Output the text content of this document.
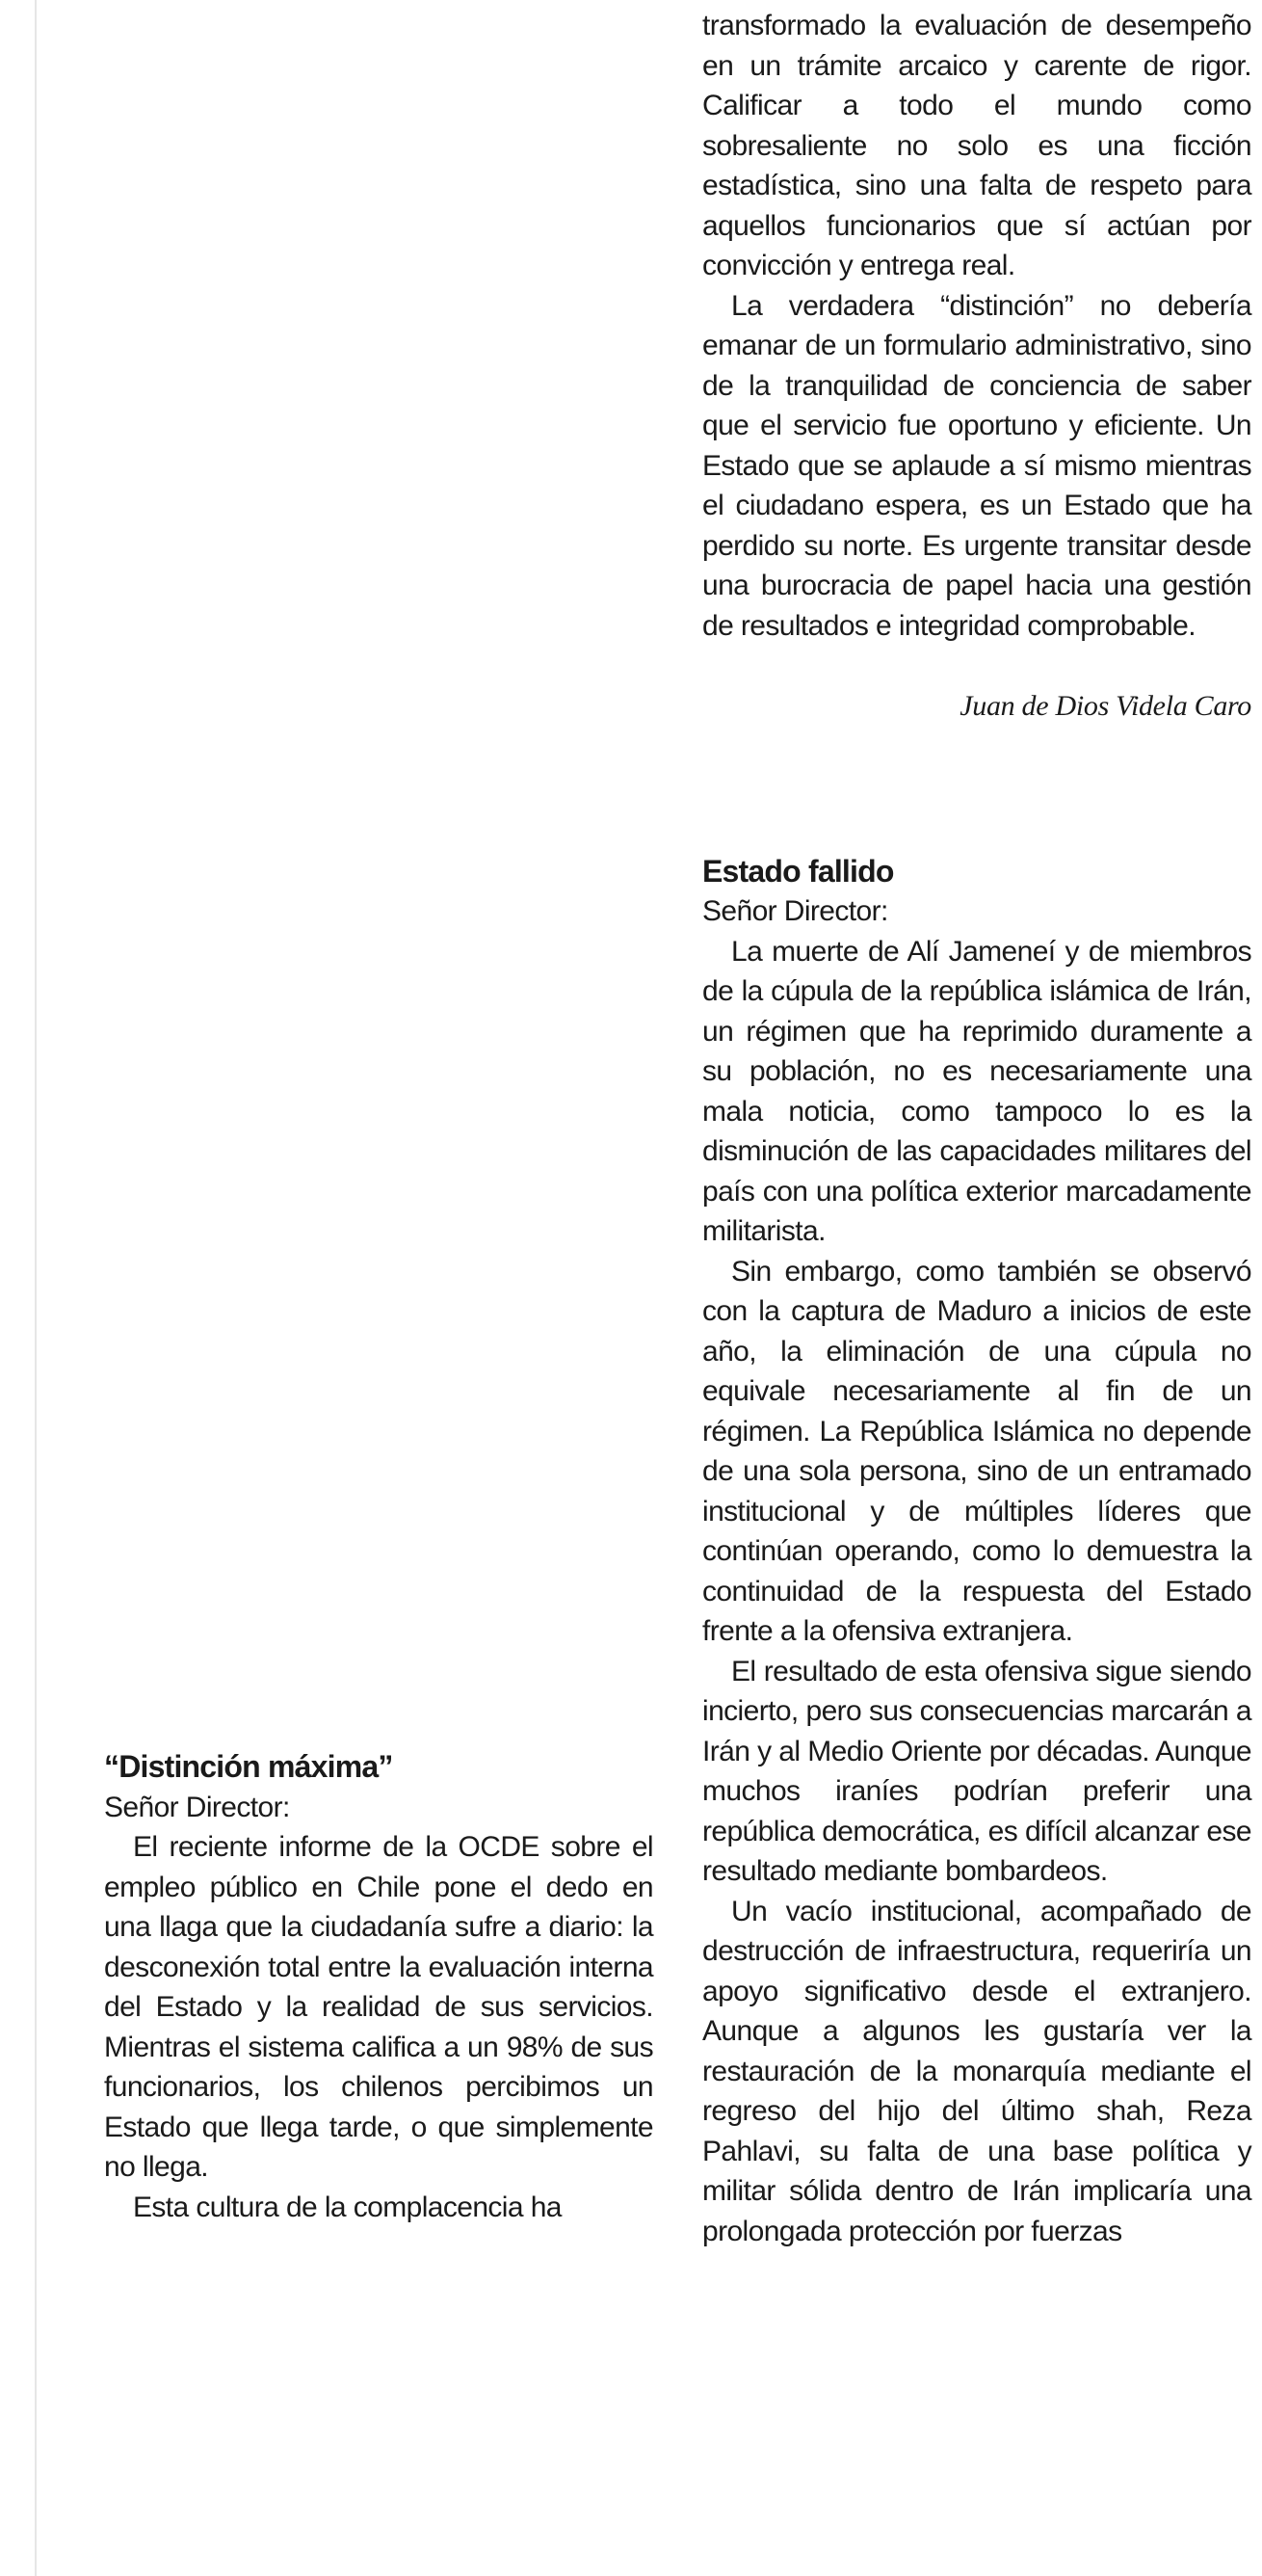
transformado la evaluación de desempeño en un trámite arcaico y carente de rigor. Calificar a todo el mundo como sobresaliente no solo es una ficción estadística, sino una falta de respeto para aquellos funcionarios que sí actúan por convicción y entrega real.

La verdadera “distinción” no debería emanar de un formulario administrativo, sino de la tranquilidad de conciencia de saber que el servicio fue oportuno y eficiente. Un Estado que se aplaude a sí mismo mientras el ciudadano espera, es un Estado que ha perdido su norte. Es urgente transitar desde una burocracia de papel hacia una gestión de resultados e integridad comprobable.

Juan de Dios Videla Caro

Estado fallido

Señor Director:

La muerte de Alí Jameneí y de miembros de la cúpula de la república islámica de Irán, un régimen que ha reprimido duramente a su población, no es necesariamente una mala noticia, como tampoco lo es la disminución de las capacidades militares del país con una política exterior marcadamente militarista.

Sin embargo, como también se observó con la captura de Maduro a inicios de este año, la eliminación de una cúpula no equivale necesariamente al fin de un régimen. La República Islámica no depende de una sola persona, sino de un entramado institucional y de múltiples líderes que continúan operando, como lo demuestra la continuidad de la respuesta del Estado frente a la ofensiva extranjera.

El resultado de esta ofensiva sigue siendo incierto, pero sus consecuencias marcarán a Irán y al Medio Oriente por décadas. Aunque muchos iraníes podrían preferir una república democrática, es difícil alcanzar ese resultado mediante bombardeos.

Un vacío institucional, acompañado de destrucción de infraestructura, requeriría un apoyo significativo desde el extranjero. Aunque a algunos les gustaría ver la restauración de la monarquía mediante el regreso del hijo del último shah, Reza Pahlavi, su falta de una base política y militar sólida dentro de Irán implicaría una prolongada protección por fuerzas

“Distinción máxima”

Señor Director:

El reciente informe de la OCDE sobre el empleo público en Chile pone el dedo en una llaga que la ciudadanía sufre a diario: la desconexión total entre la evaluación interna del Estado y la realidad de sus servicios. Mientras el sistema califica a un 98% de sus funcionarios, los chilenos percibimos un Estado que llega tarde, o que simplemente no llega.

Esta cultura de la complacencia ha
